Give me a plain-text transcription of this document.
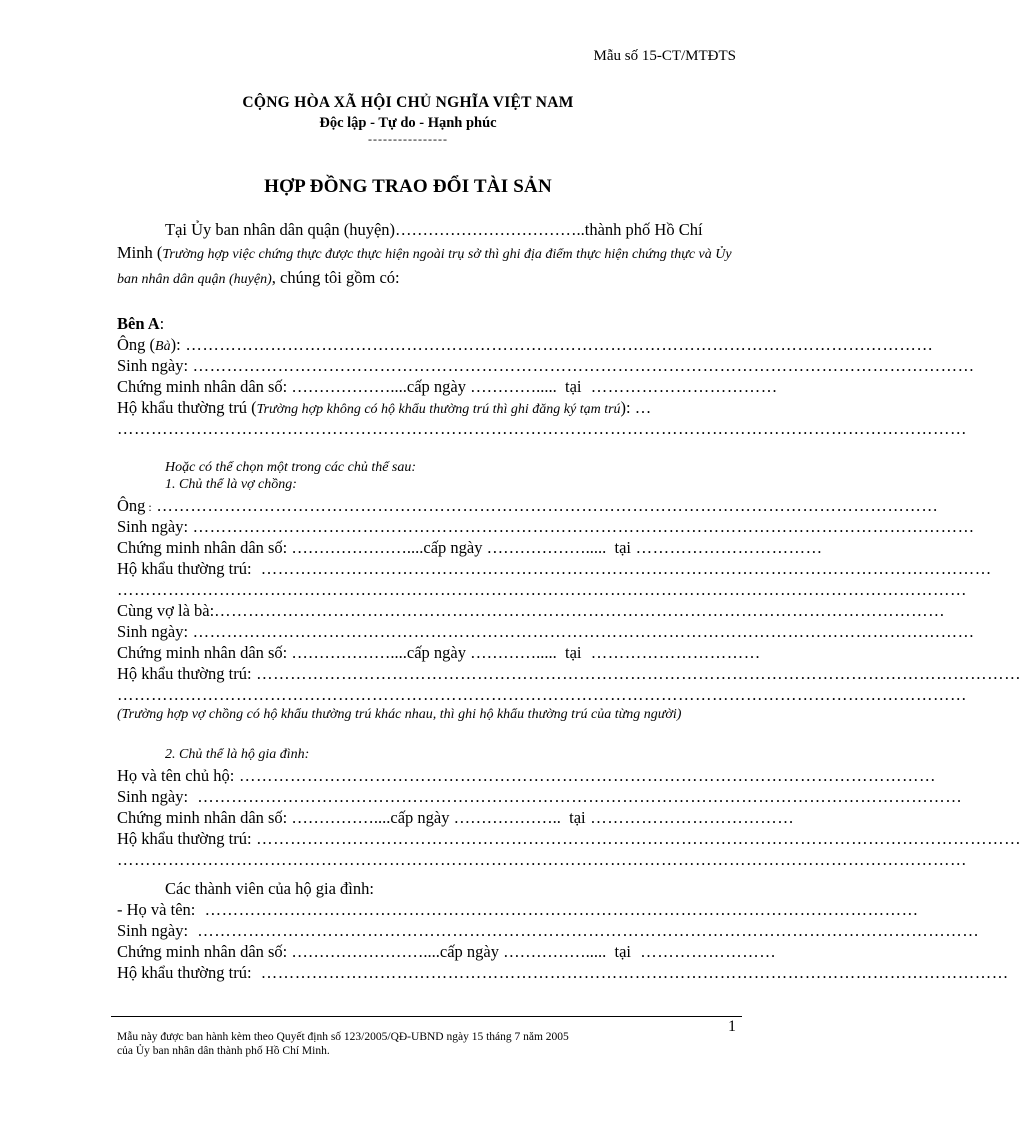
Mẫu số 15-CT/MTĐTS
CỘNG HÒA XÃ HỘI CHỦ NGHĨA VIỆT NAM
Độc lập - Tự do - Hạnh phúc
----------------
HỢP ĐỒNG TRAO ĐỔI TÀI SẢN
Tại Ủy ban nhân dân quận (huyện)……………………………..thành phố Hồ Chí Minh (Trường hợp việc chứng thực được thực hiện ngoài trụ sở thì ghi địa điểm thực hiện chứng thực và Ủy ban nhân dân quận (huyện), chúng tôi gồm có:
Bên A :
Ông (Bà): ……………………………………………………………………………………………………………………
Sinh ngày: …………………………………………………………………………………………………………………………
Chứng minh nhân dân số: ……………….... cấp ngày …………..... tại ……………………………
Hộ khẩu thường trú (Trường hợp không có hộ khẩu thường trú thì ghi đăng ký tạm trú): …
……………………………………………………………………………………………………………………………………
Hoặc có thể chọn một trong các chủ thể sau:
1. Chủ thể là vợ chồng:
Ông : …………………………………………………………………………………………………………………………
Sinh ngày: …………………………………………………………………………………………………………………………
Chứng minh nhân dân số: ………………….... cấp ngày ………………..... tại ……………………………
Hộ khẩu thường trú: …………………………………………………………………………………………………………………
……………………………………………………………………………………………………………………………………
Cùng vợ là bà: …………………………………………………………………………………………………………………
Sinh ngày: …………………………………………………………………………………………………………………………
Chứng minh nhân dân số: ……………….... cấp ngày …………..... tại …………………………
Hộ khẩu thường trú: ………………………………………………………………………………………………………………………
……………………………………………………………………………………………………………………………………
(Trường hợp vợ chồng có hộ khẩu thường trú khác nhau, thì ghi hộ khẩu thường trú của từng người)
2. Chủ thể là hộ gia đình:
Họ và tên chủ hộ: ……………………………………………………………………………………………………………
Sinh ngày: ………………………………………………………………………………………………………………………
Chứng minh nhân dân số: …………….... cấp ngày ……………….. tại ………………………………
Hộ khẩu thường trú: ………………………………………………………………………………………………………………………
……………………………………………………………………………………………………………………………………
Các thành viên của hộ gia đình:
- Họ và tên: ………………………………………………………………………………………………………………
Sinh ngày: …………………………………………………………………………………………………………………………
Chứng minh nhân dân số: …………………….... cấp ngày ……………..... tại ……………………
Hộ khẩu thường trú: ……………………………………………………………………………………………………………………
1
Mẫu này được ban hành kèm theo Quyết định số 123/2005/QĐ-UBND ngày 15 tháng 7 năm 2005
của Ủy ban nhân dân thành phố Hồ Chí Minh.
